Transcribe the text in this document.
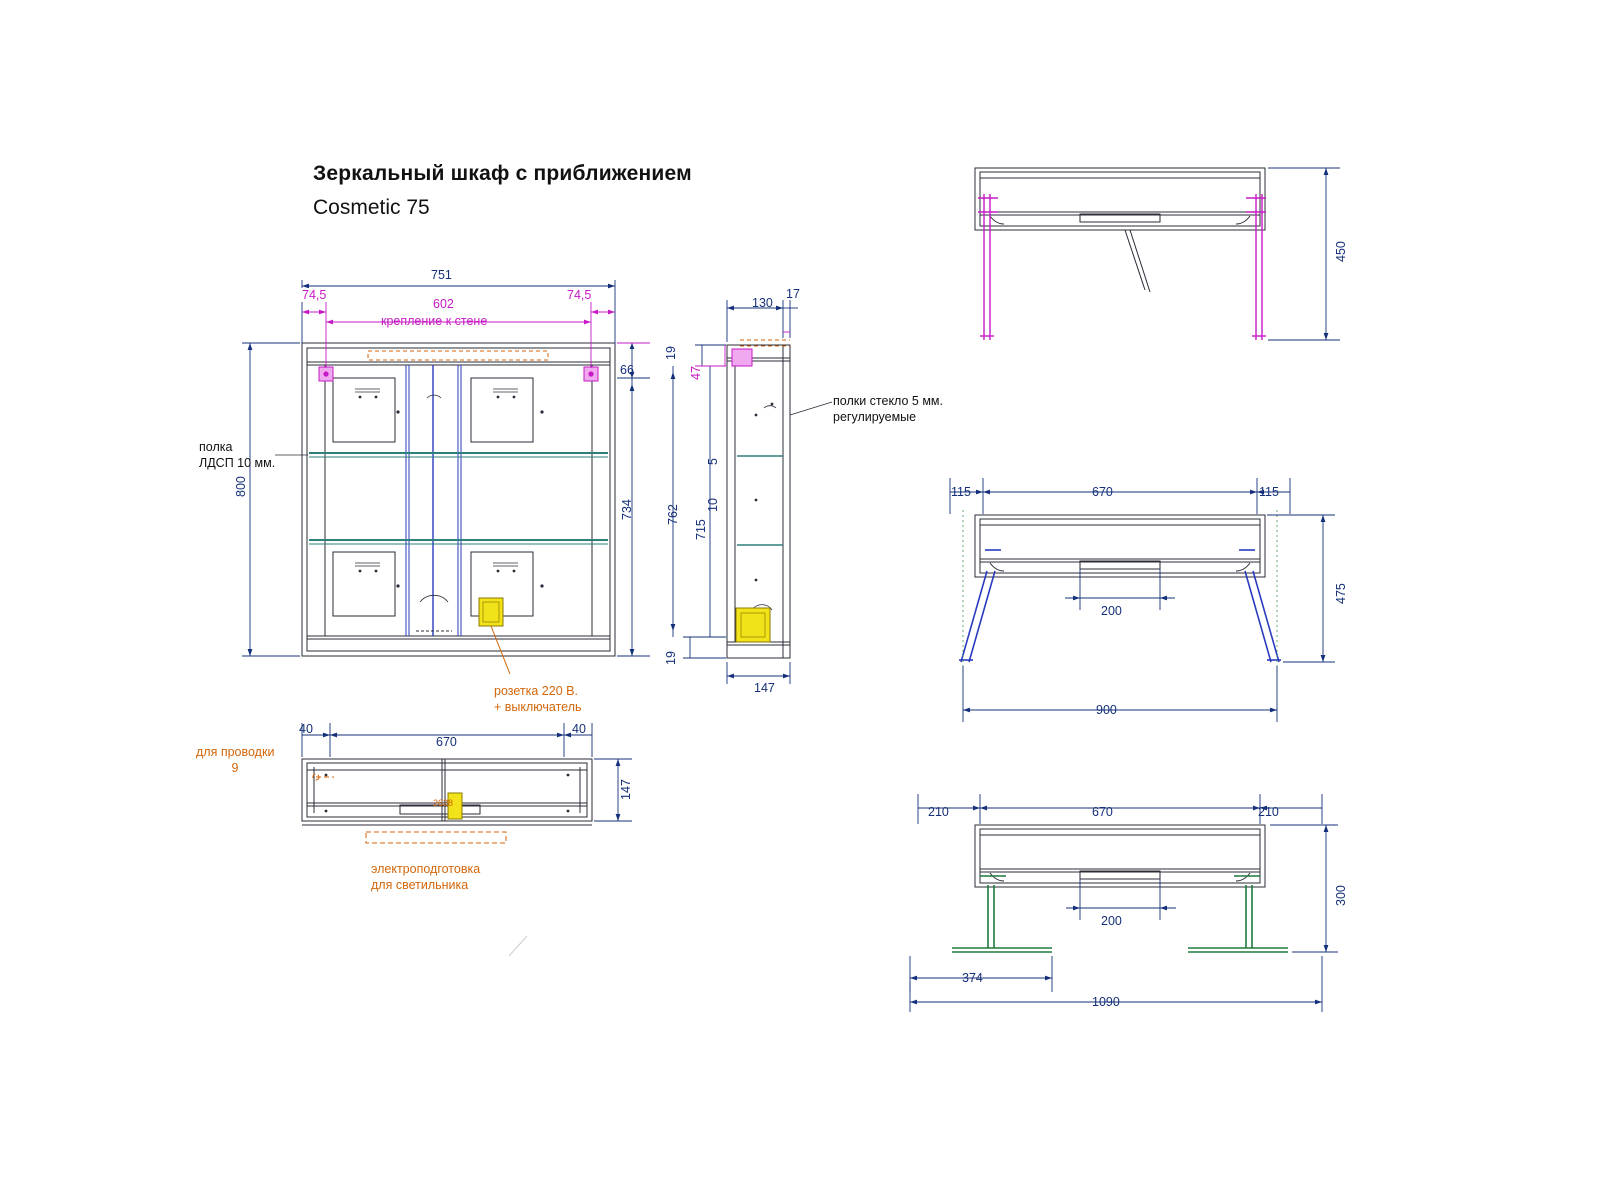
Зеркальный шкаф с приближением
Cosmetic 75
751
74,5	74,5
602
крепление к стене
800
66
734
полка
ЛДСП 10 мм.
розетка 220 В.
+ выключатель
130
17
19
47
5
10
715
762
19
147
полки стекло 5 мм.
регулируемые
40
670
40
147
для проводки
9
электроподготовка
для светильника
2628
450
115	670	115
200
475
900
210	670	210
200
300
374
1090
